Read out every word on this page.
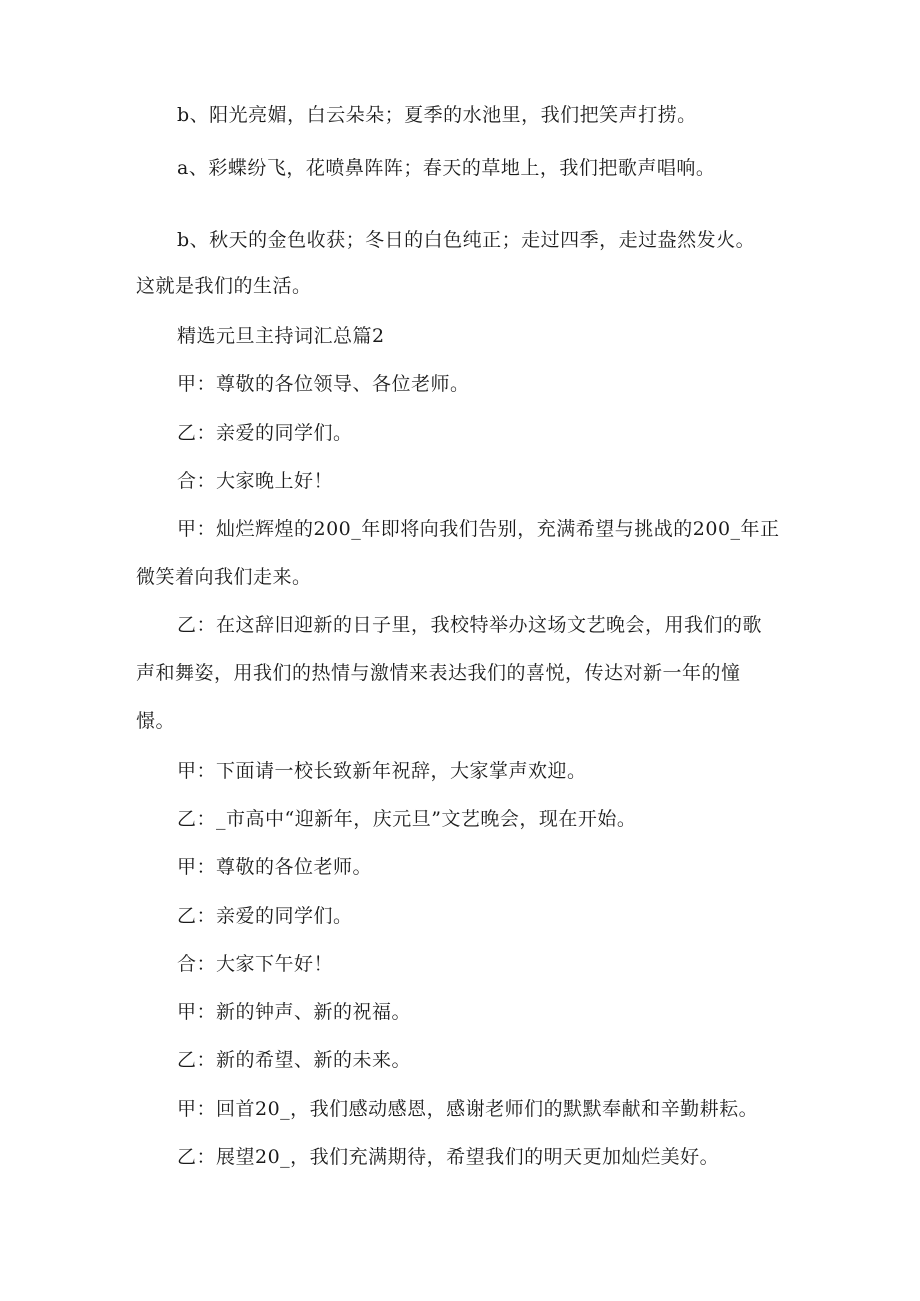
b、阳光亮媚，白云朵朵；夏季的水池里，我们把笑声打捞。
a、彩蝶纷飞，花喷鼻阵阵；春天的草地上，我们把歌声唱响。
b、秋天的金色收获；冬日的白色纯正；走过四季，走过盎然发火。
这就是我们的生活。
精选元旦主持词汇总篇2
甲：尊敬的各位领导、各位老师。
乙：亲爱的同学们。
合：大家晚上好！
甲：灿烂辉煌的200_年即将向我们告别，充满希望与挑战的200_年正
微笑着向我们走来。
乙：在这辞旧迎新的日子里，我校特举办这场文艺晚会，用我们的歌
声和舞姿，用我们的热情与激情来表达我们的喜悦，传达对新一年的憧
憬。
甲：下面请一校长致新年祝辞，大家掌声欢迎。
乙：_市高中“迎新年，庆元旦”文艺晚会，现在开始。
甲：尊敬的各位老师。
乙：亲爱的同学们。
合：大家下午好！
甲：新的钟声、新的祝福。
乙：新的希望、新的未来。
甲：回首20_，我们感动感恩，感谢老师们的默默奉献和辛勤耕耘。
乙：展望20_，我们充满期待，希望我们的明天更加灿烂美好。
